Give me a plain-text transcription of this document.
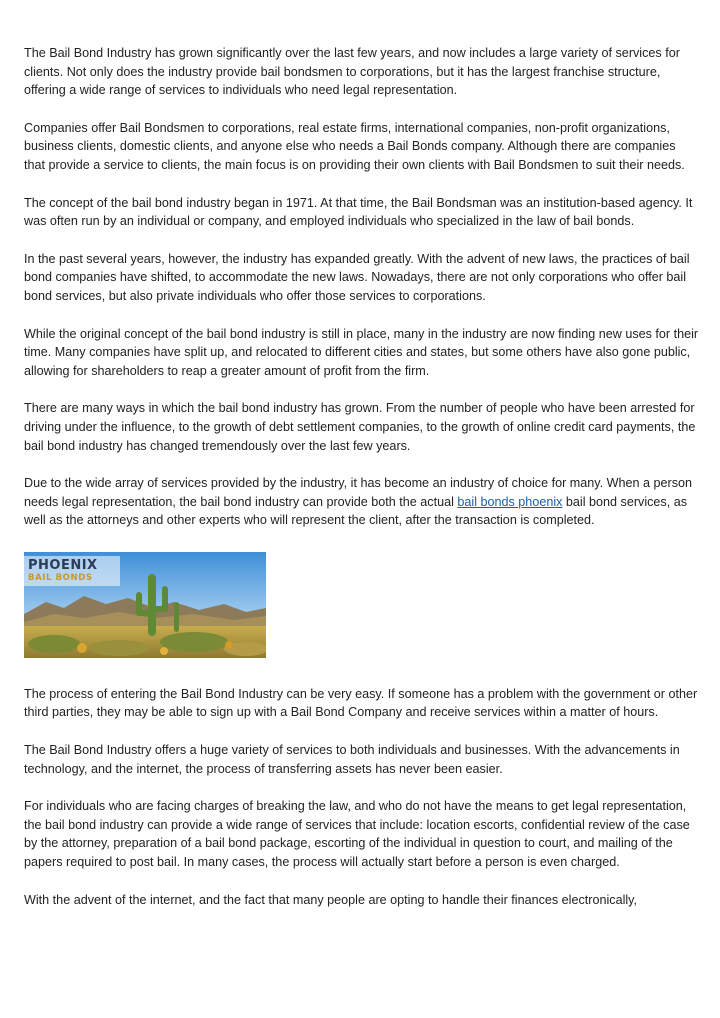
The Bail Bond Industry has grown significantly over the last few years, and now includes a large variety of services for clients. Not only does the industry provide bail bondsmen to corporations, but it has the largest franchise structure, offering a wide range of services to individuals who need legal representation.

Companies offer Bail Bondsmen to corporations, real estate firms, international companies, non-profit organizations, business clients, domestic clients, and anyone else who needs a Bail Bonds company. Although there are companies that provide a service to clients, the main focus is on providing their own clients with Bail Bondsmen to suit their needs.

The concept of the bail bond industry began in 1971. At that time, the Bail Bondsman was an institution-based agency. It was often run by an individual or company, and employed individuals who specialized in the law of bail bonds.

In the past several years, however, the industry has expanded greatly. With the advent of new laws, the practices of bail bond companies have shifted, to accommodate the new laws. Nowadays, there are not only corporations who offer bail bond services, but also private individuals who offer those services to corporations.

While the original concept of the bail bond industry is still in place, many in the industry are now finding new uses for their time. Many companies have split up, and relocated to different cities and states, but some others have also gone public, allowing for shareholders to reap a greater amount of profit from the firm.

There are many ways in which the bail bond industry has grown. From the number of people who have been arrested for driving under the influence, to the growth of debt settlement companies, to the growth of online credit card payments, the bail bond industry has changed tremendously over the last few years.

Due to the wide array of services provided by the industry, it has become an industry of choice for many. When a person needs legal representation, the bail bond industry can provide both the actual bail bonds phoenix bail bond services, as well as the attorneys and other experts who will represent the client, after the transaction is completed.

PHOENIX
BAIL BONDS

The process of entering the Bail Bond Industry can be very easy. If someone has a problem with the government or other third parties, they may be able to sign up with a Bail Bond Company and receive services within a matter of hours.

The Bail Bond Industry offers a huge variety of services to both individuals and businesses. With the advancements in technology, and the internet, the process of transferring assets has never been easier.

For individuals who are facing charges of breaking the law, and who do not have the means to get legal representation, the bail bond industry can provide a wide range of services that include: location escorts, confidential review of the case by the attorney, preparation of a bail bond package, escorting of the individual in question to court, and mailing of the papers required to post bail. In many cases, the process will actually start before a person is even charged.

With the advent of the internet, and the fact that many people are opting to handle their finances electronically,
